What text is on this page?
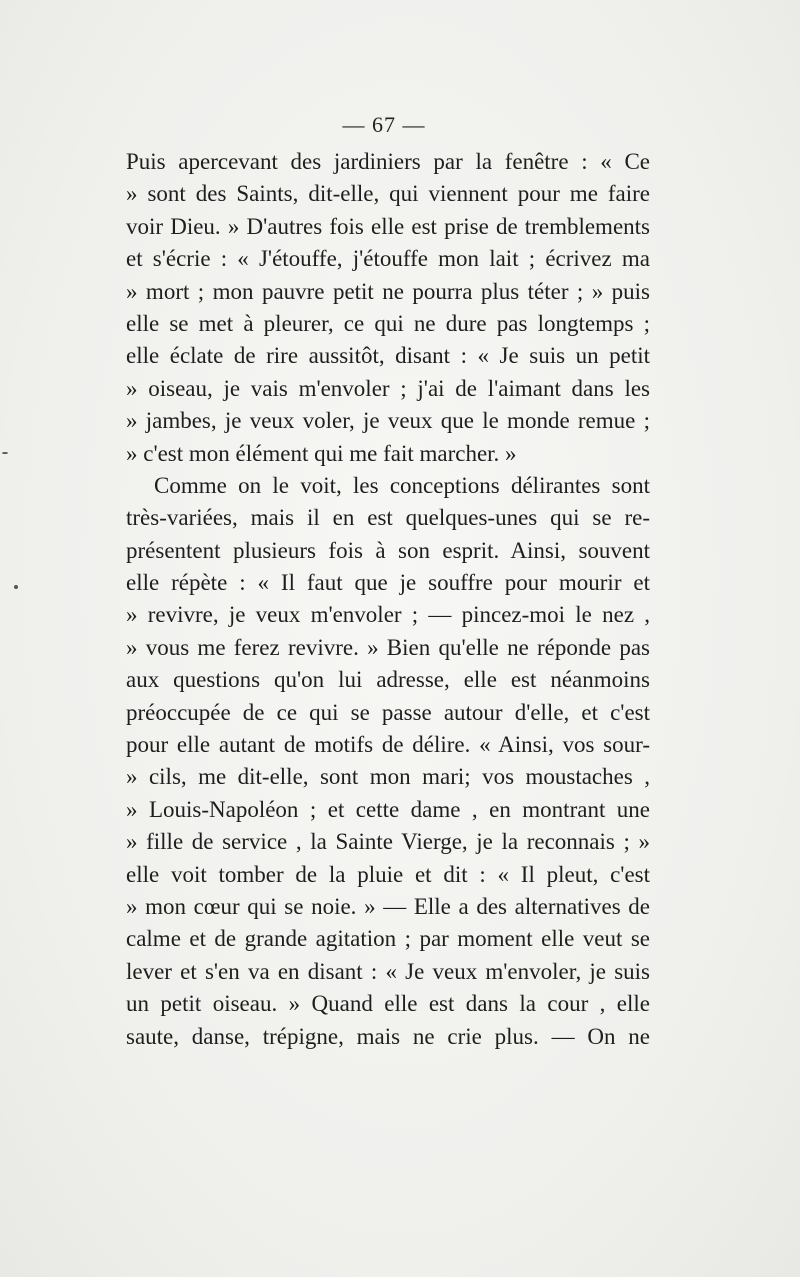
— 67 —
Puis apercevant des jardiniers par la fenêtre : « Ce
» sont des Saints, dit-elle, qui viennent pour me faire
voir Dieu. » D'autres fois elle est prise de tremblements
et s'écrie : « J'étouffe, j'étouffe mon lait ; écrivez ma
» mort ; mon pauvre petit ne pourra plus téter ; » puis
elle se met à pleurer, ce qui ne dure pas longtemps ;
elle éclate de rire aussitôt, disant : « Je suis un petit
» oiseau, je vais m'envoler ; j'ai de l'aimant dans les
» jambes, je veux voler, je veux que le monde remue ;
» c'est mon élément qui me fait marcher. »
Comme on le voit, les conceptions délirantes sont
très-variées, mais il en est quelques-unes qui se re-
présentent plusieurs fois à son esprit. Ainsi, souvent
elle répète : « Il faut que je souffre pour mourir et
» revivre, je veux m'envoler ; — pincez-moi le nez ,
» vous me ferez revivre. » Bien qu'elle ne réponde pas
aux questions qu'on lui adresse, elle est néanmoins
préoccupée de ce qui se passe autour d'elle, et c'est
pour elle autant de motifs de délire. « Ainsi, vos sour-
» cils, me dit-elle, sont mon mari; vos moustaches ,
» Louis-Napoléon ; et cette dame , en montrant une
» fille de service , la Sainte Vierge, je la reconnais ; »
elle voit tomber de la pluie et dit : « Il pleut, c'est
» mon cœur qui se noie. » — Elle a des alternatives de
calme et de grande agitation ; par moment elle veut se
lever et s'en va en disant : « Je veux m'envoler, je suis
un petit oiseau. » Quand elle est dans la cour , elle
saute, danse, trépigne, mais ne crie plus. — On ne
